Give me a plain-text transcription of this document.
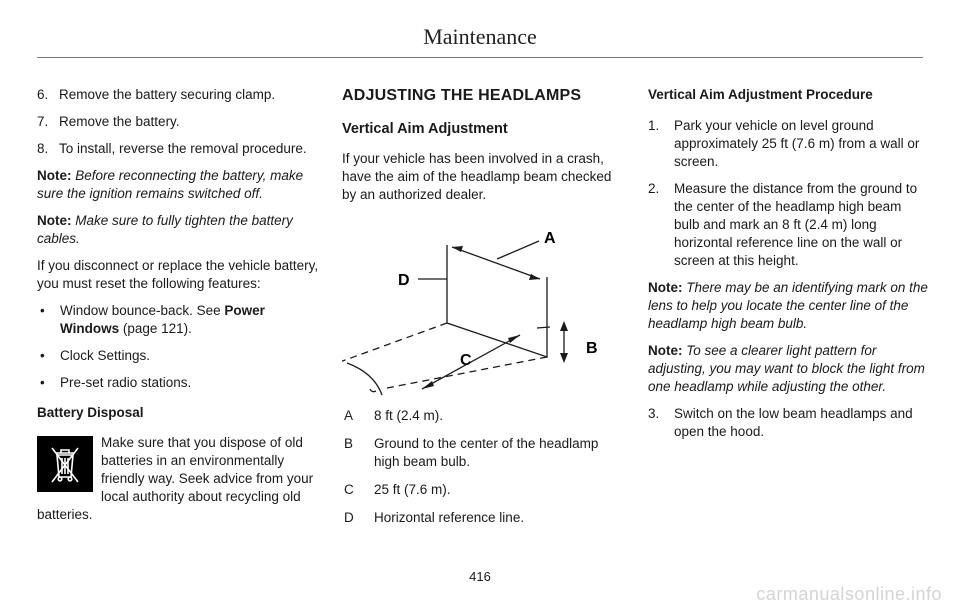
Maintenance
6. Remove the battery securing clamp.
7. Remove the battery.
8. To install, reverse the removal procedure.

Note: Before reconnecting the battery, make sure the ignition remains switched off.

Note: Make sure to fully tighten the battery cables.

If you disconnect or replace the vehicle battery, you must reset the following features:

•	Window bounce-back. See Power Windows (page 121).
•	Clock Settings.
•	Pre-set radio stations.

Battery Disposal

Make sure that you dispose of old batteries in an environmentally friendly way. Seek advice from your local authority about recycling old batteries.
ADJUSTING THE HEADLAMPS
Vertical Aim Adjustment

If your vehicle has been involved in a crash, have the aim of the headlamp beam checked by an authorized dealer.

A
D
C
B
A	8 ft (2.4 m).
B	Ground to the center of the headlamp high beam bulb.
C	25 ft (7.6 m).
D	Horizontal reference line.

Vertical Aim Adjustment Procedure

1.	Park your vehicle on level ground approximately 25 ft (7.6 m) from a wall or screen.
2.	Measure the distance from the ground to the center of the headlamp high beam bulb and mark an 8 ft (2.4 m) long horizontal reference line on the wall or screen at this height.

Note: There may be an identifying mark on the lens to help you locate the center line of the headlamp high beam bulb.

Note: To see a clearer light pattern for adjusting, you may want to block the light from one headlamp while adjusting the other.

3.	Switch on the low beam headlamps and open the hood.
416
carmanualsonline.info
